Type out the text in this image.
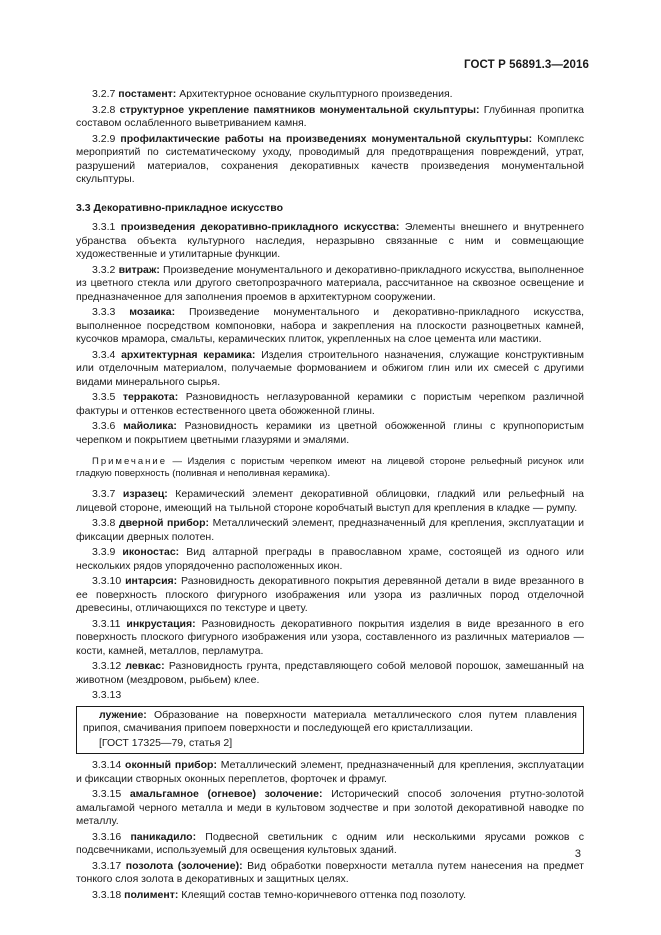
ГОСТ Р 56891.3—2016

3.2.7 постамент: Архитектурное основание скульптурного произведения.

3.2.8 структурное укрепление памятников монументальной скульптуры: Глубинная пропитка составом ослабленного выветриванием камня.

3.2.9 профилактические работы на произведениях монументальной скульптуры: Комплекс мероприятий по систематическому уходу, проводимый для предотвращения повреждений, утрат, разрушений материалов, сохранения декоративных качеств произведения монументальной скульптуры.

3.3 Декоративно-прикладное искусство

3.3.1 произведения декоративно-прикладного искусства: Элементы внешнего и внутреннего убранства объекта культурного наследия, неразрывно связанные с ним и совмещающие художественные и утилитарные функции.

3.3.2 витраж: Произведение монументального и декоративно-прикладного искусства, выполненное из цветного стекла или другого светопрозрачного материала, рассчитанное на сквозное освещение и предназначенное для заполнения проемов в архитектурном сооружении.

3.3.3 мозаика: Произведение монументального и декоративно-прикладного искусства, выполненное посредством компоновки, набора и закрепления на плоскости разноцветных камней, кусочков мрамора, смальты, керамических плиток, укрепленных на слое цемента или мастики.

3.3.4 архитектурная керамика: Изделия строительного назначения, служащие конструктивным или отделочным материалом, получаемые формованием и обжигом глин или их смесей с другими видами минерального сырья.

3.3.5 терракота: Разновидность неглазурованной керамики с пористым черепком различной фактуры и оттенков естественного цвета обожженной глины.

3.3.6 майолика: Разновидность керамики из цветной обожженной глины с крупнопористым черепком и покрытием цветными глазурями и эмалями.

Примечание — Изделия с пористым черепком имеют на лицевой стороне рельефный рисунок или гладкую поверхность (поливная и неполивная керамика).

3.3.7 изразец: Керамический элемент декоративной облицовки, гладкий или рельефный на лицевой стороне, имеющий на тыльной стороне коробчатый выступ для крепления в кладке — румпу.

3.3.8 дверной прибор: Металлический элемент, предназначенный для крепления, эксплуатации и фиксации дверных полотен.

3.3.9 иконостас: Вид алтарной преграды в православном храме, состоящей из одного или нескольких рядов упорядоченно расположенных икон.

3.3.10 интарсия: Разновидность декоративного покрытия деревянной детали в виде врезанного в ее поверхность плоского фигурного изображения или узора из различных пород отделочной древесины, отличающихся по текстуре и цвету.

3.3.11 инкрустация: Разновидность декоративного покрытия изделия в виде врезанного в его поверхность плоского фигурного изображения или узора, составленного из различных материалов — кости, камней, металлов, перламутра.

3.3.12 левкас: Разновидность грунта, представляющего собой меловой порошок, замешанный на животном (мездровом, рыбьем) клее.

3.3.13

лужение: Образование на поверхности материала металлического слоя путем плавления припоя, смачивания припоем поверхности и последующей его кристаллизации.
[ГОСТ 17325—79, статья 2]

3.3.14 оконный прибор: Металлический элемент, предназначенный для крепления, эксплуатации и фиксации створных оконных переплетов, форточек и фрамуг.

3.3.15 амальгамное (огневое) золочение: Исторический способ золочения ртутно-золотой амальгамой черного металла и меди в культовом зодчестве и при золотой декоративной наводке по металлу.

3.3.16 паникадило: Подвесной светильник с одним или несколькими ярусами рожков с подсвечниками, используемый для освещения культовых зданий.

3.3.17 позолота (золочение): Вид обработки поверхности металла путем нанесения на предмет тонкого слоя золота в декоративных и защитных целях.

3.3.18 полимент: Клеящий состав темно-коричневого оттенка под позолоту.

3
